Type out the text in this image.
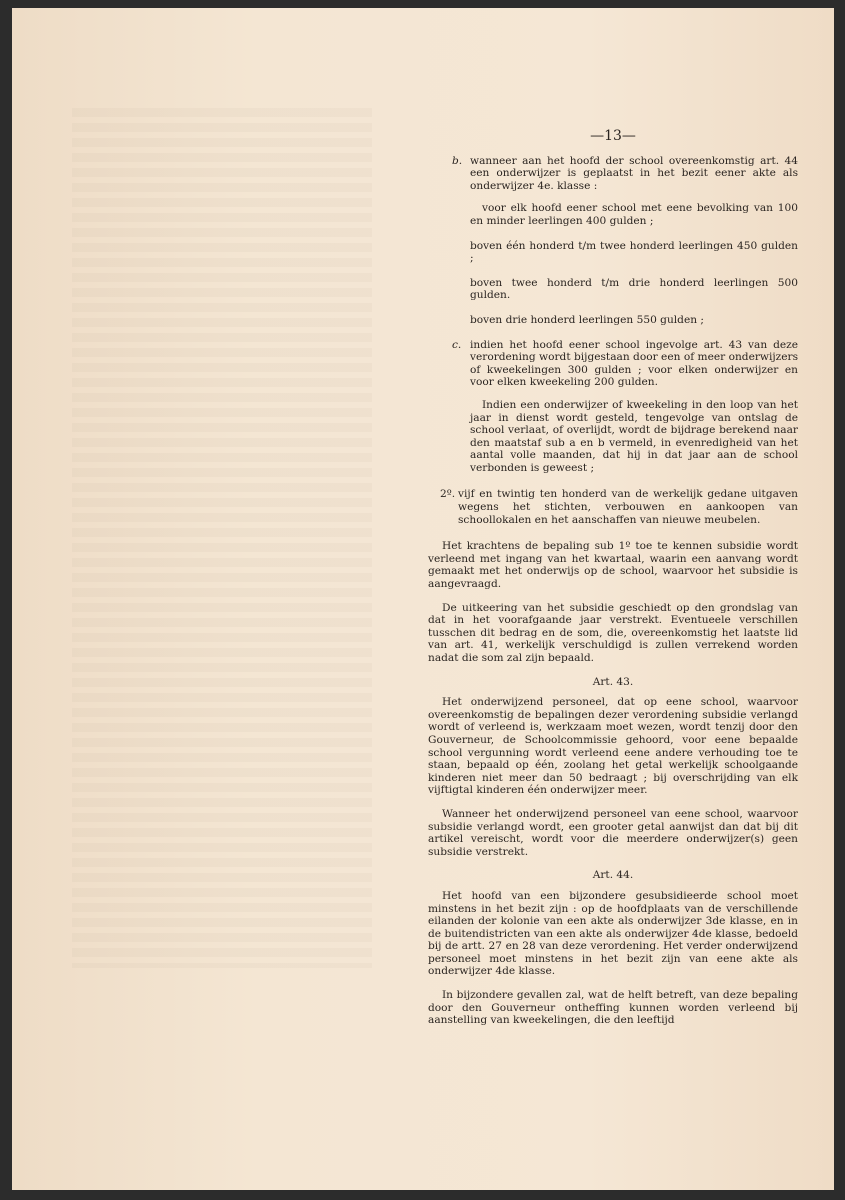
—13—
b. wanneer aan het hoofd der school overeenkomstig art. 44 een onderwijzer is geplaatst in het bezit eener akte als onderwijzer 4e. klasse :

voor elk hoofd eener school met eene bevolking van 100 en minder leerlingen 400 gulden ;

boven één honderd t/m twee honderd leerlingen 450 gulden ;

boven twee honderd t/m drie honderd leerlingen 500 gulden.

boven drie honderd leerlingen 550 gulden ;

c. indien het hoofd eener school ingevolge art. 43 van deze verordening wordt bijgestaan door een of meer onderwijzers of kweekelingen 300 gulden ; voor elken onderwijzer en voor elken kweekeling 200 gulden.
Indien een onderwijzer of kweekeling in den loop van het jaar in dienst wordt gesteld, tengevolge van ontslag de school verlaat, of overlijdt, wordt de bijdrage berekend naar den maatstaf sub a en b vermeld, in evenredigheid van het aantal volle maanden, dat hij in dat jaar aan de school verbonden is geweest ;
2º. vijf en twintig ten honderd van de werkelijk gedane uitgaven wegens het stichten, verbouwen en aankoopen van schoollokalen en het aanschaffen van nieuwe meubelen.

Het krachtens de bepaling sub 1º toe te kennen subsidie wordt verleend met ingang van het kwartaal, waarin een aanvang wordt gemaakt met het onderwijs op de school, waarvoor het subsidie is aangevraagd.

De uitkeering van het subsidie geschiedt op den grondslag van dat in het voorafgaande jaar verstrekt. Eventueele verschillen tusschen dit bedrag en de som, die, overeenkomstig het laatste lid van art. 41, werkelijk verschuldigd is zullen verrekend worden nadat die som zal zijn bepaald.

Art. 43.

Het onderwijzend personeel, dat op eene school, waarvoor overeenkomstig de bepalingen dezer verordening subsidie verlangd wordt of verleend is, werkzaam moet wezen, wordt tenzij door den Gouverneur, de Schoolcommissie gehoord, voor eene bepaalde school vergunning wordt verleend eene andere verhouding toe te staan, bepaald op één, zoolang het getal werkelijk schoolgaande kinderen niet meer dan 50 bedraagt ; bij overschrijding van elk vijftigtal kinderen één onderwijzer meer.

Wanneer het onderwijzend personeel van eene school, waarvoor subsidie verlangd wordt, een grooter getal aanwijst dan dat bij dit artikel vereischt, wordt voor die meerdere onderwijzer(s) geen subsidie verstrekt.

Art. 44.

Het hoofd van een bijzondere gesubsidieerde school moet minstens in het bezit zijn : op de hoofdplaats van de verschillende eilanden der kolonie van een akte als onderwijzer 3de klasse, en in de buitendistricten van een akte als onderwijzer 4de klasse, bedoeld bij de artt. 27 en 28 van deze verordening. Het verder onderwijzend personeel moet minstens in het bezit zijn van eene akte als onderwijzer 4de klasse.

In bijzondere gevallen zal, wat de helft betreft, van deze bepaling door den Gouverneur ontheffing kunnen worden verleend bij aanstelling van kweekelingen, die den leeftijd
